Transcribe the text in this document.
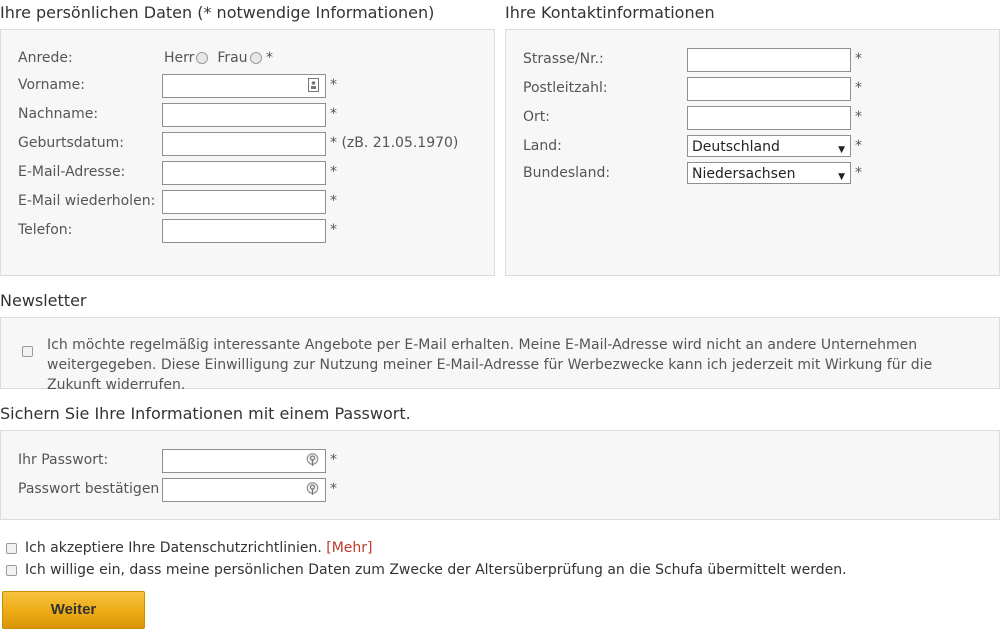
Ihre persönlichen Daten (* notwendige Informationen)
Anrede:	Herr Frau *
Vorname:	*
Nachname:	*
Geburtsdatum:	* (zB. 21.05.1970)
E-Mail-Adresse:	*
E-Mail wiederholen:	*
Telefon:	*
Ihre Kontaktinformationen
Strasse/Nr.:	*
Postleitzahl:	*
Ort:	*
Land:	Deutschland	▼ *
Bundesland:	Niedersachsen	▼ *
Newsletter
Ich möchte regelmäßig interessante Angebote per E-Mail erhalten. Meine E-Mail-Adresse wird nicht an andere Unternehmen weitergegeben. Diese Einwilligung zur Nutzung meiner E-Mail-Adresse für Werbezwecke kann ich jederzeit mit Wirkung für die Zukunft widerrufen.
Sichern Sie Ihre Informationen mit einem Passwort.
Ihr Passwort:	*
Passwort bestätigen	*
Ich akzeptiere Ihre Datenschutzrichtlinien. [Mehr]
Ich willige ein, dass meine persönlichen Daten zum Zwecke der Altersüberprüfung an die Schufa übermittelt werden.
Weiter
